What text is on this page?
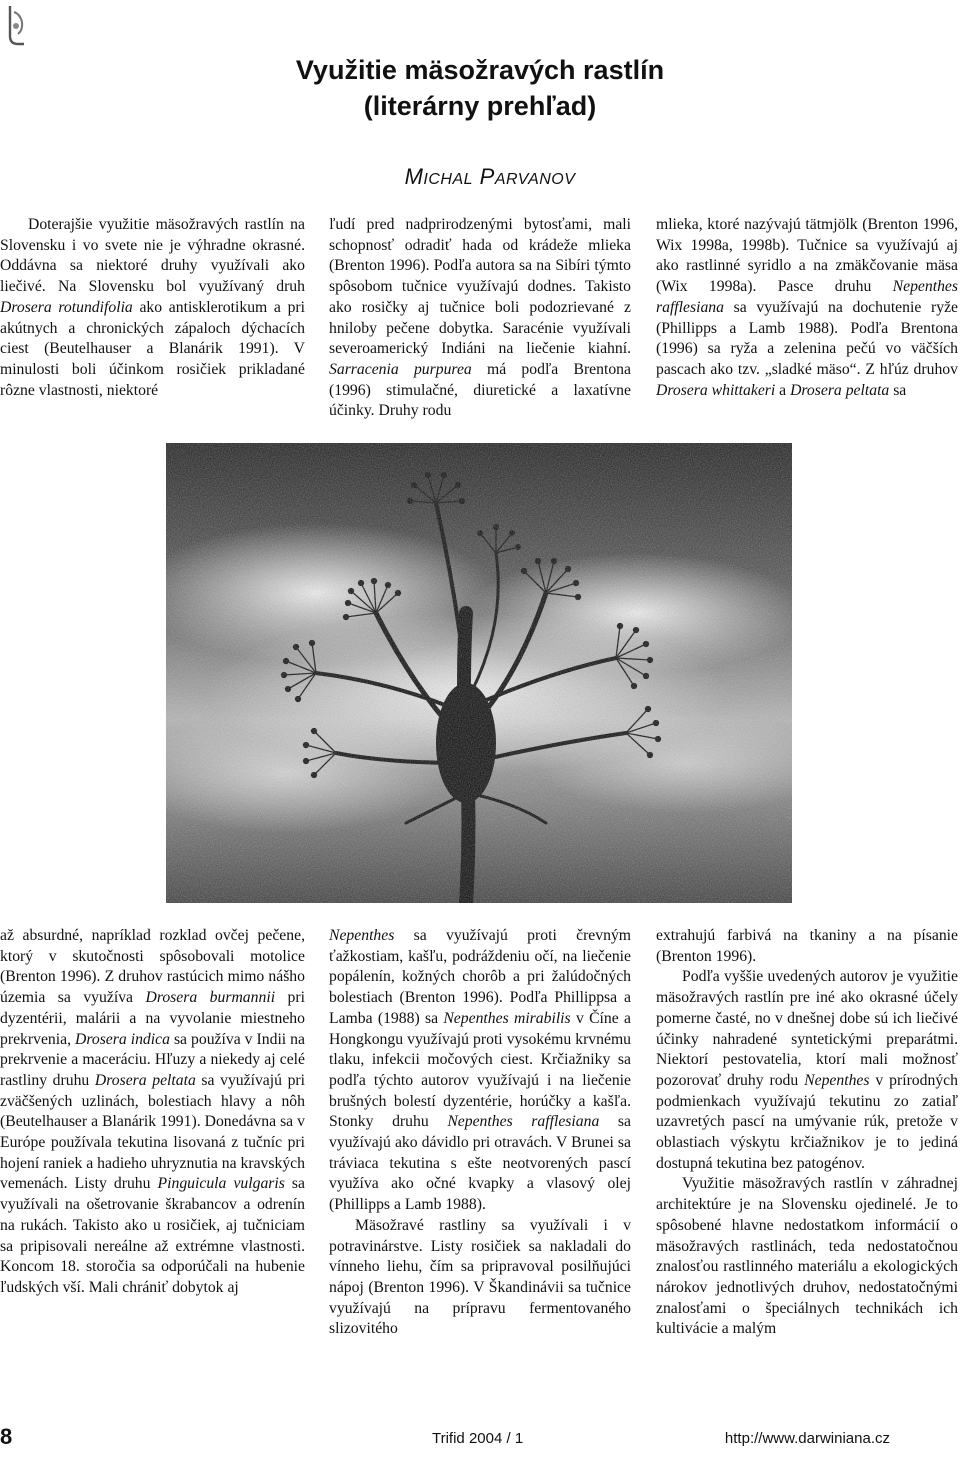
Využitie mäsožravých rastlín
(literárny prehľad)
MICHAL PARVANOV

Doterajšie využitie mäsožravých rastlín na Slovensku i vo svete nie je výhradne okrasné. Oddávna sa niektoré druhy využívali ako liečivé. Na Slovensku bol využívaný druh Drosera rotundifolia ako antisklerotikum a pri akútnych a chronických zápaloch dýchacích ciest (Beutelhauser a Blanárik 1991). V minulosti boli účinkom rosičiek prikladané rôzne vlastnosti, niektoré

ľudí pred nadprirodzenými bytosťami, mali schopnosť odradiť hada od krádeže mlieka (Brenton 1996). Podľa autora sa na Sibíri týmto spôsobom tučnice využívajú dodnes. Takisto ako rosičky aj tučnice boli podozrievané z hniloby pečene dobytka. Saracénie využívali severoamerický Indiáni na liečenie kiahní. Sarracenia purpurea má podľa Brentona (1996) stimulačné, diuretické a laxatívne účinky. Druhy rodu

mlieka, ktoré nazývajú tätmjölk (Brenton 1996, Wix 1998a, 1998b). Tučnice sa využívajú aj ako rastlinné syridlo a na zmäkčovanie mäsa (Wix 1998a). Pasce druhu Nepenthes rafflesiana sa využívajú na dochutenie ryže (Phillipps a Lamb 1988). Podľa Brentona (1996) sa ryža a zelenina pečú vo väčších pascach ako tzv. „sladké mäso“. Z hľúz druhov Drosera whittakeri a Drosera peltata sa

až absurdné, napríklad rozklad ovčej pečene, ktorý v skutočnosti spôsobovali motolice (Brenton 1996). Z druhov rastúcich mimo nášho územia sa využíva Drosera burmannii pri dyzentérii, malárii a na vyvolanie miestneho prekrvenia, Drosera indica sa používa v Indii na prekrvenie a maceráciu. Hľuzy a niekedy aj celé rastliny druhu Drosera peltata sa využívajú pri zväčšených uzlinách, bolestiach hlavy a nôh (Beutelhauser a Blanárik 1991). Donedávna sa v Európe používala tekutina lisovaná z tučníc pri hojení raniek a hadieho uhryznutia na kravských vemenách. Listy druhu Pinguicula vulgaris sa využívali na ošetrovanie škrabancov a odrenín na rukách. Takisto ako u rosičiek, aj tučniciam sa pripisovali nereálne až extrémne vlastnosti. Koncom 18. storočia sa odporúčali na hubenie ľudských vší. Mali chrániť dobytok aj

Nepenthes sa využívajú proti črevným ťažkostiam, kašľu, podráždeniu očí, na liečenie popálenín, kožných chorôb a pri žalúdočných bolestiach (Brenton 1996). Podľa Phillippsa a Lamba (1988) sa Nepenthes mirabilis v Číne a Hongkongu využívajú proti vysokému krvnému tlaku, infekcii močových ciest. Krčiažniky sa podľa týchto autorov využívajú i na liečenie brušných bolestí dyzentérie, horúčky a kašľa. Stonky druhu Nepenthes rafflesiana sa využívajú ako dávidlo pri otravách. V Brunei sa tráviaca tekutina s ešte neotvorených pascí využíva ako očné kvapky a vlasový olej (Phillipps a Lamb 1988).

Mäsožravé rastliny sa využívali i v potravinárstve. Listy rosičiek sa nakladali do vínneho liehu, čím sa pripravoval posilňujúci nápoj (Brenton 1996). V Škandinávii sa tučnice využívajú na prípravu fermentovaného slizovitého

extrahujú farbivá na tkaniny a na písanie (Brenton 1996).

Podľa vyššie uvedených autorov je využitie mäsožravých rastlín pre iné ako okrasné účely pomerne časté, no v dnešnej dobe sú ich liečivé účinky nahradené syntetickými preparátmi. Niektorí pestovatelia, ktorí mali možnosť pozorovať druhy rodu Nepenthes v prírodných podmienkach využívajú tekutinu zo zatiaľ uzavretých pascí na umývanie rúk, pretože v oblastiach výskytu krčiažnikov je to jediná dostupná tekutina bez patogénov.

Využitie mäsožravých rastlín v záhradnej architektúre je na Slovensku ojedinelé. Je to spôsobené hlavne nedostatkom informácií o mäsožravých rastlinách, teda nedostatočnou znalosťou rastlinného materiálu a ekologických nárokov jednotlivých druhov, nedostatočnými znalosťami o špeciálnych technikách ich kultivácie a malým

8	Trifid 2004 / 1	http://www.darwiniana.cz
